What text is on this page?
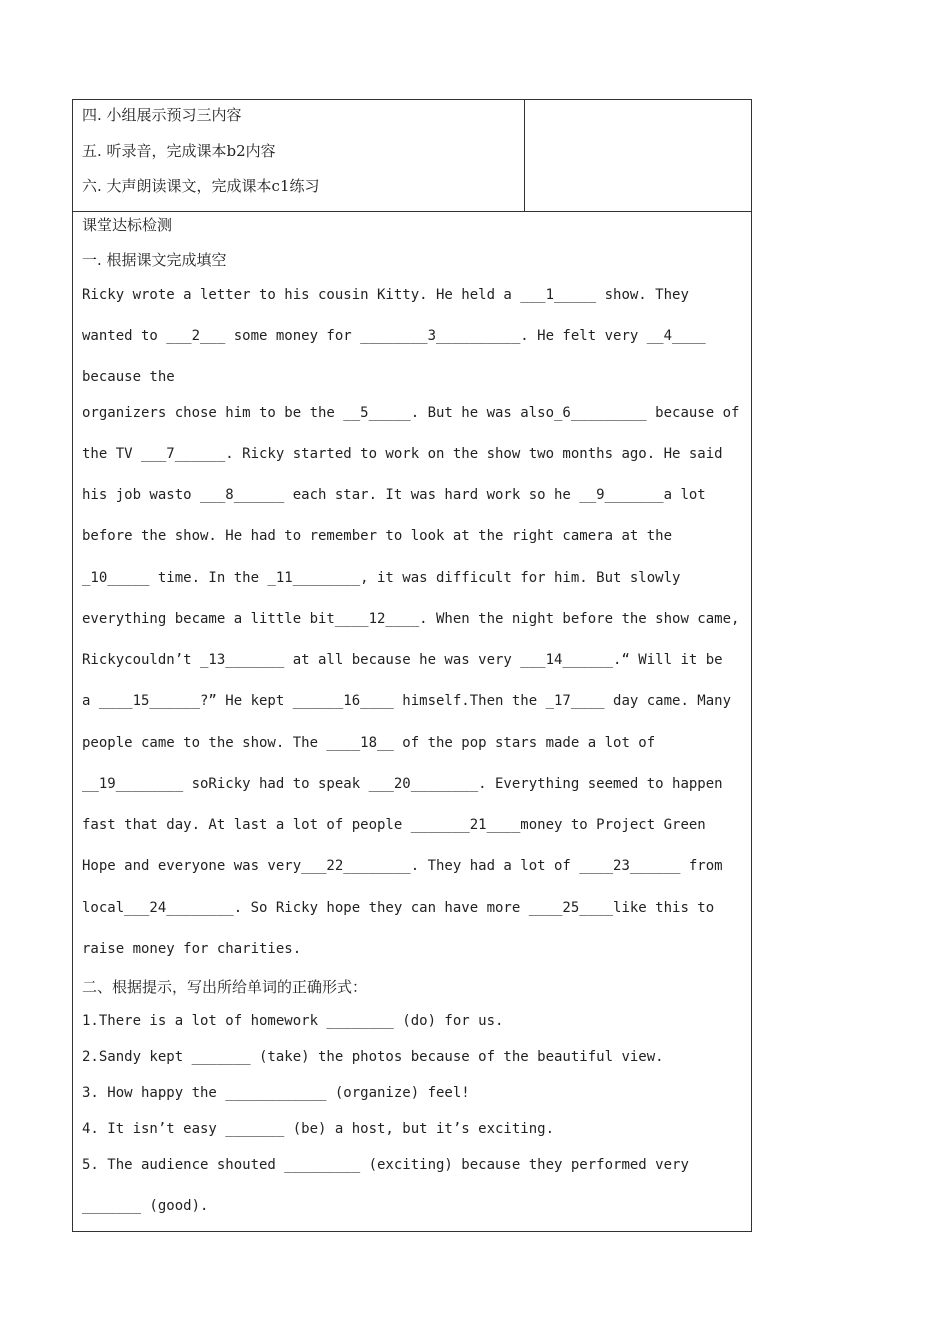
四. 小组展示预习三内容
五. 听录音，完成课本b2内容
六. 大声朗读课文，完成课本c1练习
课堂达标检测
一. 根据课文完成填空
Ricky wrote a letter to his cousin Kitty. He held a ___1_____ show. They
wanted to ___2___ some money for ________3__________. He felt very __4____
because the
organizers chose him to be the __5_____. But he was also_6_________ because of
the TV ___7______. Ricky started to work on the show two months ago. He said
his job wasto ___8______ each star. It was hard work so he __9_______a lot
before the show. He had to remember to look at the right camera at the
_10_____ time. In the _11________, it was difficult for him. But slowly
everything became a little bit____12____. When the night before the show came,
Rickycouldn’t _13_______ at all because he was very ___14______.“ Will it be
a ____15______?” He kept ______16____ himself.Then the _17____ day came. Many
people came to the show. The ____18__ of the pop stars made a lot of
__19________ soRicky had to speak ___20________. Everything seemed to happen
fast that day. At last a lot of people _______21____money to Project Green
Hope and everyone was very___22________. They had a lot of ____23______ from
local___24________. So Ricky hope they can have more ____25____like this to
raise money for charities.
二、根据提示，写出所给单词的正确形式：
1.There is a lot of homework ________ (do) for us.
2.Sandy kept _______ (take) the photos because of the beautiful view.
3. How happy the ____________ (organize) feel!
4. It isn’t easy _______ (be) a host, but it’s exciting.
5. The audience shouted _________ (exciting) because they performed very
_______ (good).
